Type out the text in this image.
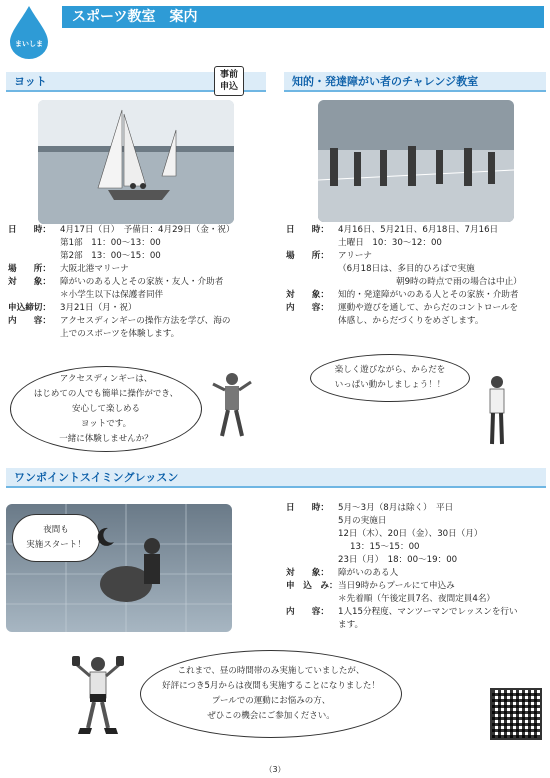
まいしま
スポーツ教室　案内
ヨット	事前
申込
日　　時：	4月17日（日）　予備日：4月29日（金・祝）
第1部　11：00～13：00
第2部　13：00～15：00
場　　所：	大阪北港マリーナ
対　　象：	障がいのある人とその家族・友人・介助者
＊小学生以下は保護者同伴
申込締切：	3月21日（月・祝）
内　　容：	アクセスディンギーの操作方法を学び、海の
上でのスポーツを体験します。
アクセスディンギーは、
はじめての人でも簡単に操作ができ、
安心して楽しめる
ヨットです。
一緒に体験しませんか？
知的・発達障がい者のチャレンジ教室
日　　時：	4月16日、5月21日、6月18日、7月16日
土曜日　10：30～12：00
場　　所：	アリーナ
（6月18日は、多目的ひろばで実施
朝9時の時点で雨の場合は中止）
対　　象：	知的・発達障がいのある人とその家族・介助者
内　　容：	運動や遊びを通して、からだのコントロールを
体感し、からだづくりをめざします。
楽しく遊びながら、からだを
いっぱい動かしましょう！！
ワンポイントスイミングレッスン
夜間も
実施スタート！
日　　時：	5月～3月（8月は除く）　平日
5月の実施日
12日（木）、20日（金）、30日（月）
13：15～15：00
23日（月）　18：00～19：00
対　　象：	障がいのある人
申　込　み： 当日9時からプールにて申込み
＊先着順（午後定員7名、夜間定員4名）
内　　容：	1人15分程度、マンツーマンでレッスンを行い
ます。
これまで、昼の時間帯のみ実施していましたが、
好評につき5月からは夜間も実施することになりました！
プールでの運動にお悩みの方、
ぜひこの機会にご参加ください。
（3）
